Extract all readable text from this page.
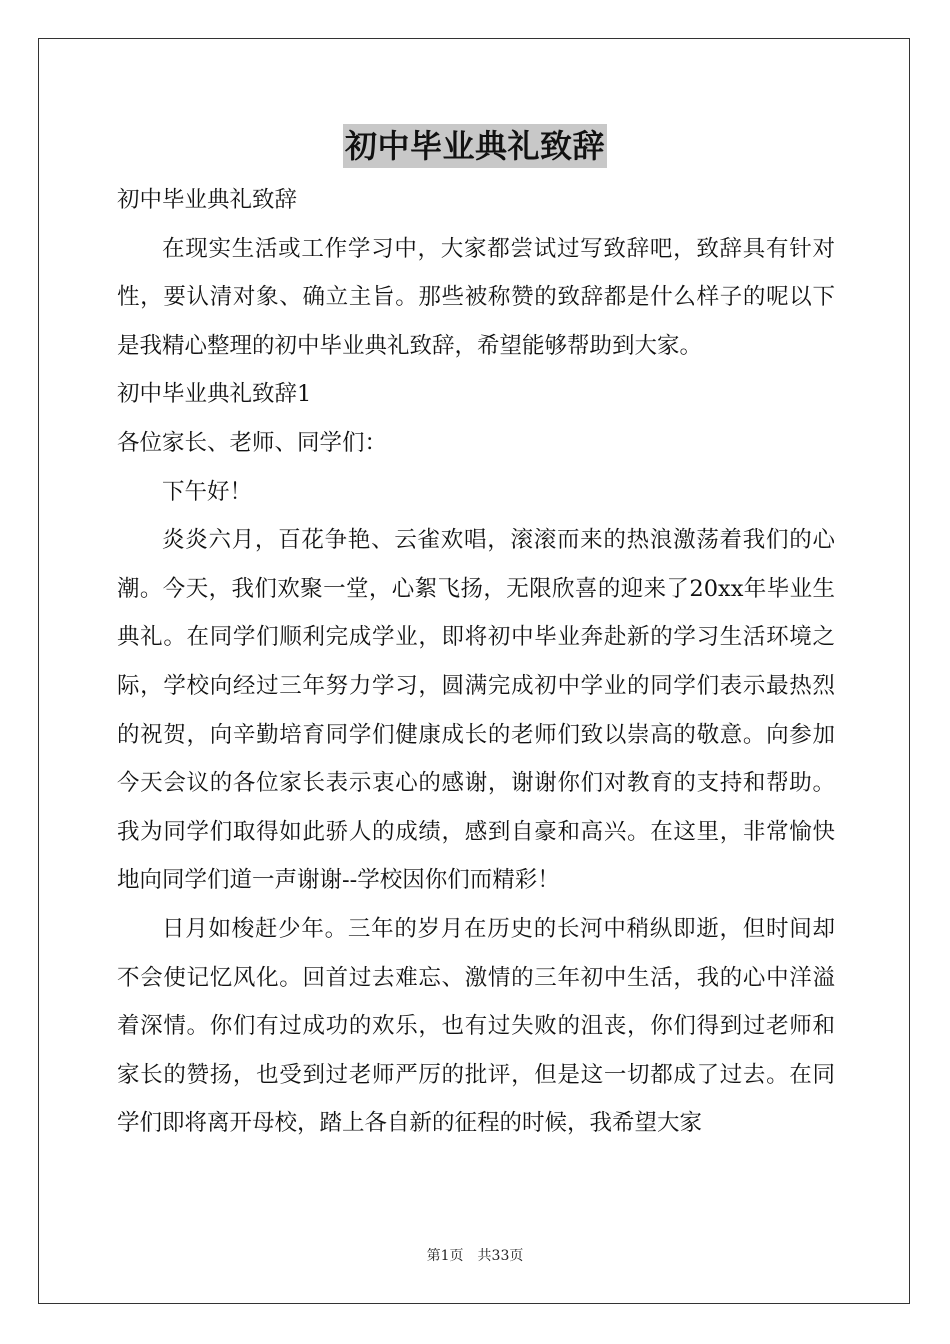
初中毕业典礼致辞

初中毕业典礼致辞

在现实生活或工作学习中，大家都尝试过写致辞吧，致辞具有针对性，要认清对象、确立主旨。那些被称赞的致辞都是什么样子的呢以下是我精心整理的初中毕业典礼致辞，希望能够帮助到大家。

初中毕业典礼致辞1

各位家长、老师、同学们：

下午好！

炎炎六月，百花争艳、云雀欢唱，滚滚而来的热浪激荡着我们的心潮。今天，我们欢聚一堂，心絮飞扬，无限欣喜的迎来了20xx年毕业生典礼。在同学们顺利完成学业，即将初中毕业奔赴新的学习生活环境之际，学校向经过三年努力学习，圆满完成初中学业的同学们表示最热烈的祝贺，向辛勤培育同学们健康成长的老师们致以崇高的敬意。向参加今天会议的各位家长表示衷心的感谢，谢谢你们对教育的支持和帮助。我为同学们取得如此骄人的成绩，感到自豪和高兴。在这里，非常愉快地向同学们道一声谢谢--学校因你们而精彩！

日月如梭赶少年。三年的岁月在历史的长河中稍纵即逝，但时间却不会使记忆风化。回首过去难忘、激情的三年初中生活，我的心中洋溢着深情。你们有过成功的欢乐，也有过失败的沮丧，你们得到过老师和家长的赞扬，也受到过老师严厉的批评，但是这一切都成了过去。在同学们即将离开母校，踏上各自新的征程的时候，我希望大家

第1页 共33页
